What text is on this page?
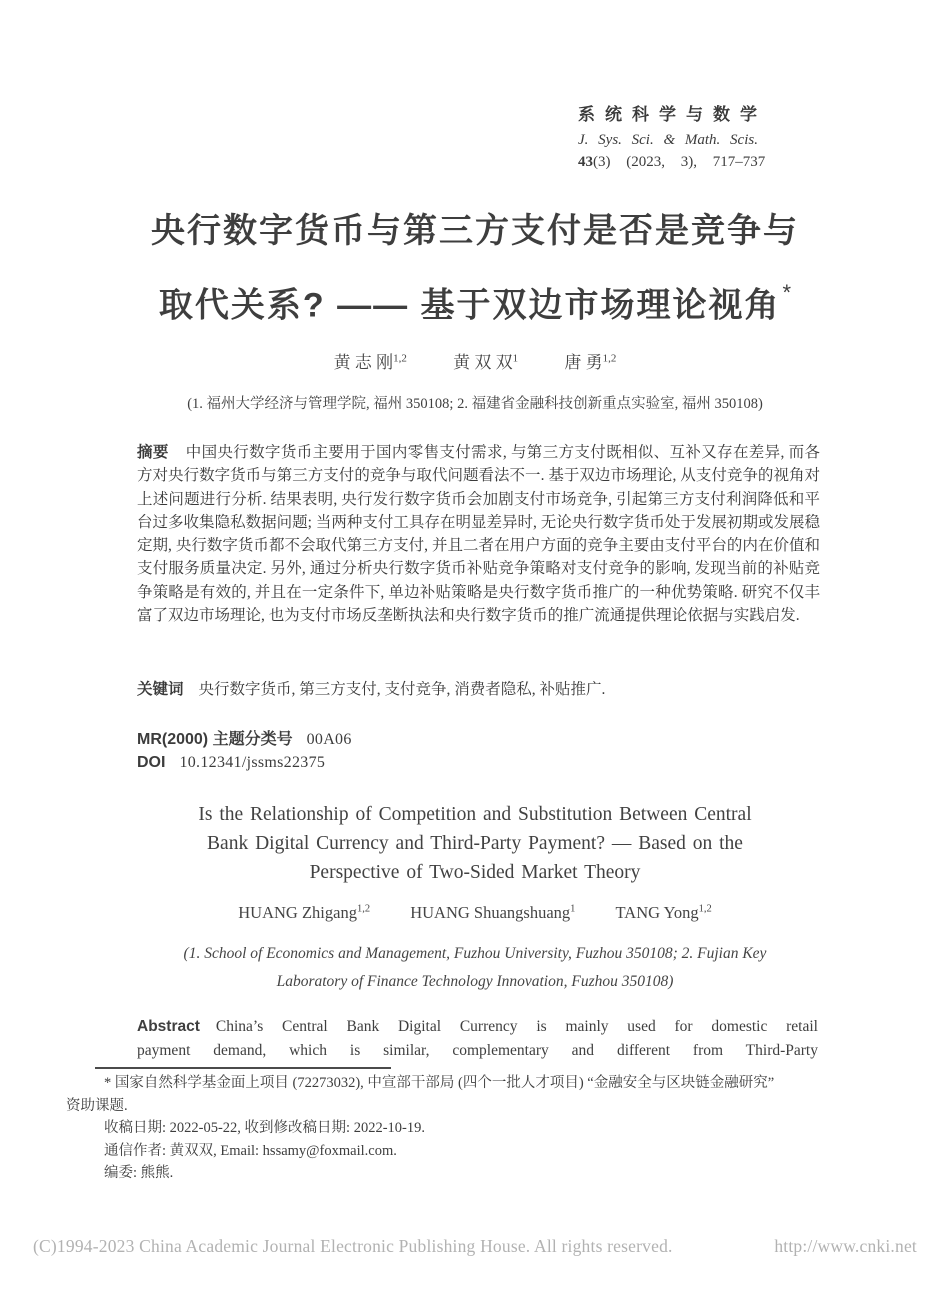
系统科学与数学
J. Sys. Sci. & Math. Scis.
43(3) (2023, 3), 717–737
央行数字货币与第三方支付是否是竞争与
取代关系? —— 基于双边市场理论视角*
黄 志 刚$^{1,2}$	黄 双 双$^1$	唐 勇$^{1,2}$
(1. 福州大学经济与管理学院, 福州 350108; 2. 福建省金融科技创新重点实验室, 福州 350108)
摘要 中国央行数字货币主要用于国内零售支付需求, 与第三方支付既相似、互补又存在差异, 而各方对央行数字货币与第三方支付的竞争与取代问题看法不一. 基于双边市场理论, 从支付竞争的视角对上述问题进行分析. 结果表明, 央行发行数字货币会加剧支付市场竞争, 引起第三方支付利润降低和平台过多收集隐私数据问题; 当两种支付工具存在明显差异时, 无论央行数字货币处于发展初期或发展稳定期, 央行数字货币都不会取代第三方支付, 并且二者在用户方面的竞争主要由支付平台的内在价值和支付服务质量决定. 另外, 通过分析央行数字货币补贴竞争策略对支付竞争的影响, 发现当前的补贴竞争策略是有效的, 并且在一定条件下, 单边补贴策略是央行数字货币推广的一种优势策略. 研究不仅丰富了双边市场理论, 也为支付市场反垄断执法和央行数字货币的推广流通提供理论依据与实践启发.
关键词 央行数字货币, 第三方支付, 支付竞争, 消费者隐私, 补贴推广.
MR(2000) 主题分类号 00A06
DOI 10.12341/jssms22375
Is the Relationship of Competition and Substitution Between Central
Bank Digital Currency and Third-Party Payment? — Based on the
Perspective of Two-Sided Market Theory
HUANG Zhigang$^{1,2}$ HUANG Shuangshuang$^1$ TANG Yong$^{1,2}$
(1. School of Economics and Management, Fuzhou University, Fuzhou 350108; 2. Fujian Key
Laboratory of Finance Technology Innovation, Fuzhou 350108)
Abstract China’s Central Bank Digital Currency is mainly used for domestic retail
payment demand, which is similar, complementary and different from Third-Party
* 国家自然科学基金面上项目 (72273032), 中宣部干部局 (四个一批人才项目) “金融安全与区块链金融研究”
资助课题.
收稿日期: 2022-05-22, 收到修改稿日期: 2022-10-19.
通信作者: 黄双双, Email: hssamy@foxmail.com.
编委: 熊熊.
(C)1994-2023 China Academic Journal Electronic Publishing House. All rights reserved.	http://www.cnki.net
